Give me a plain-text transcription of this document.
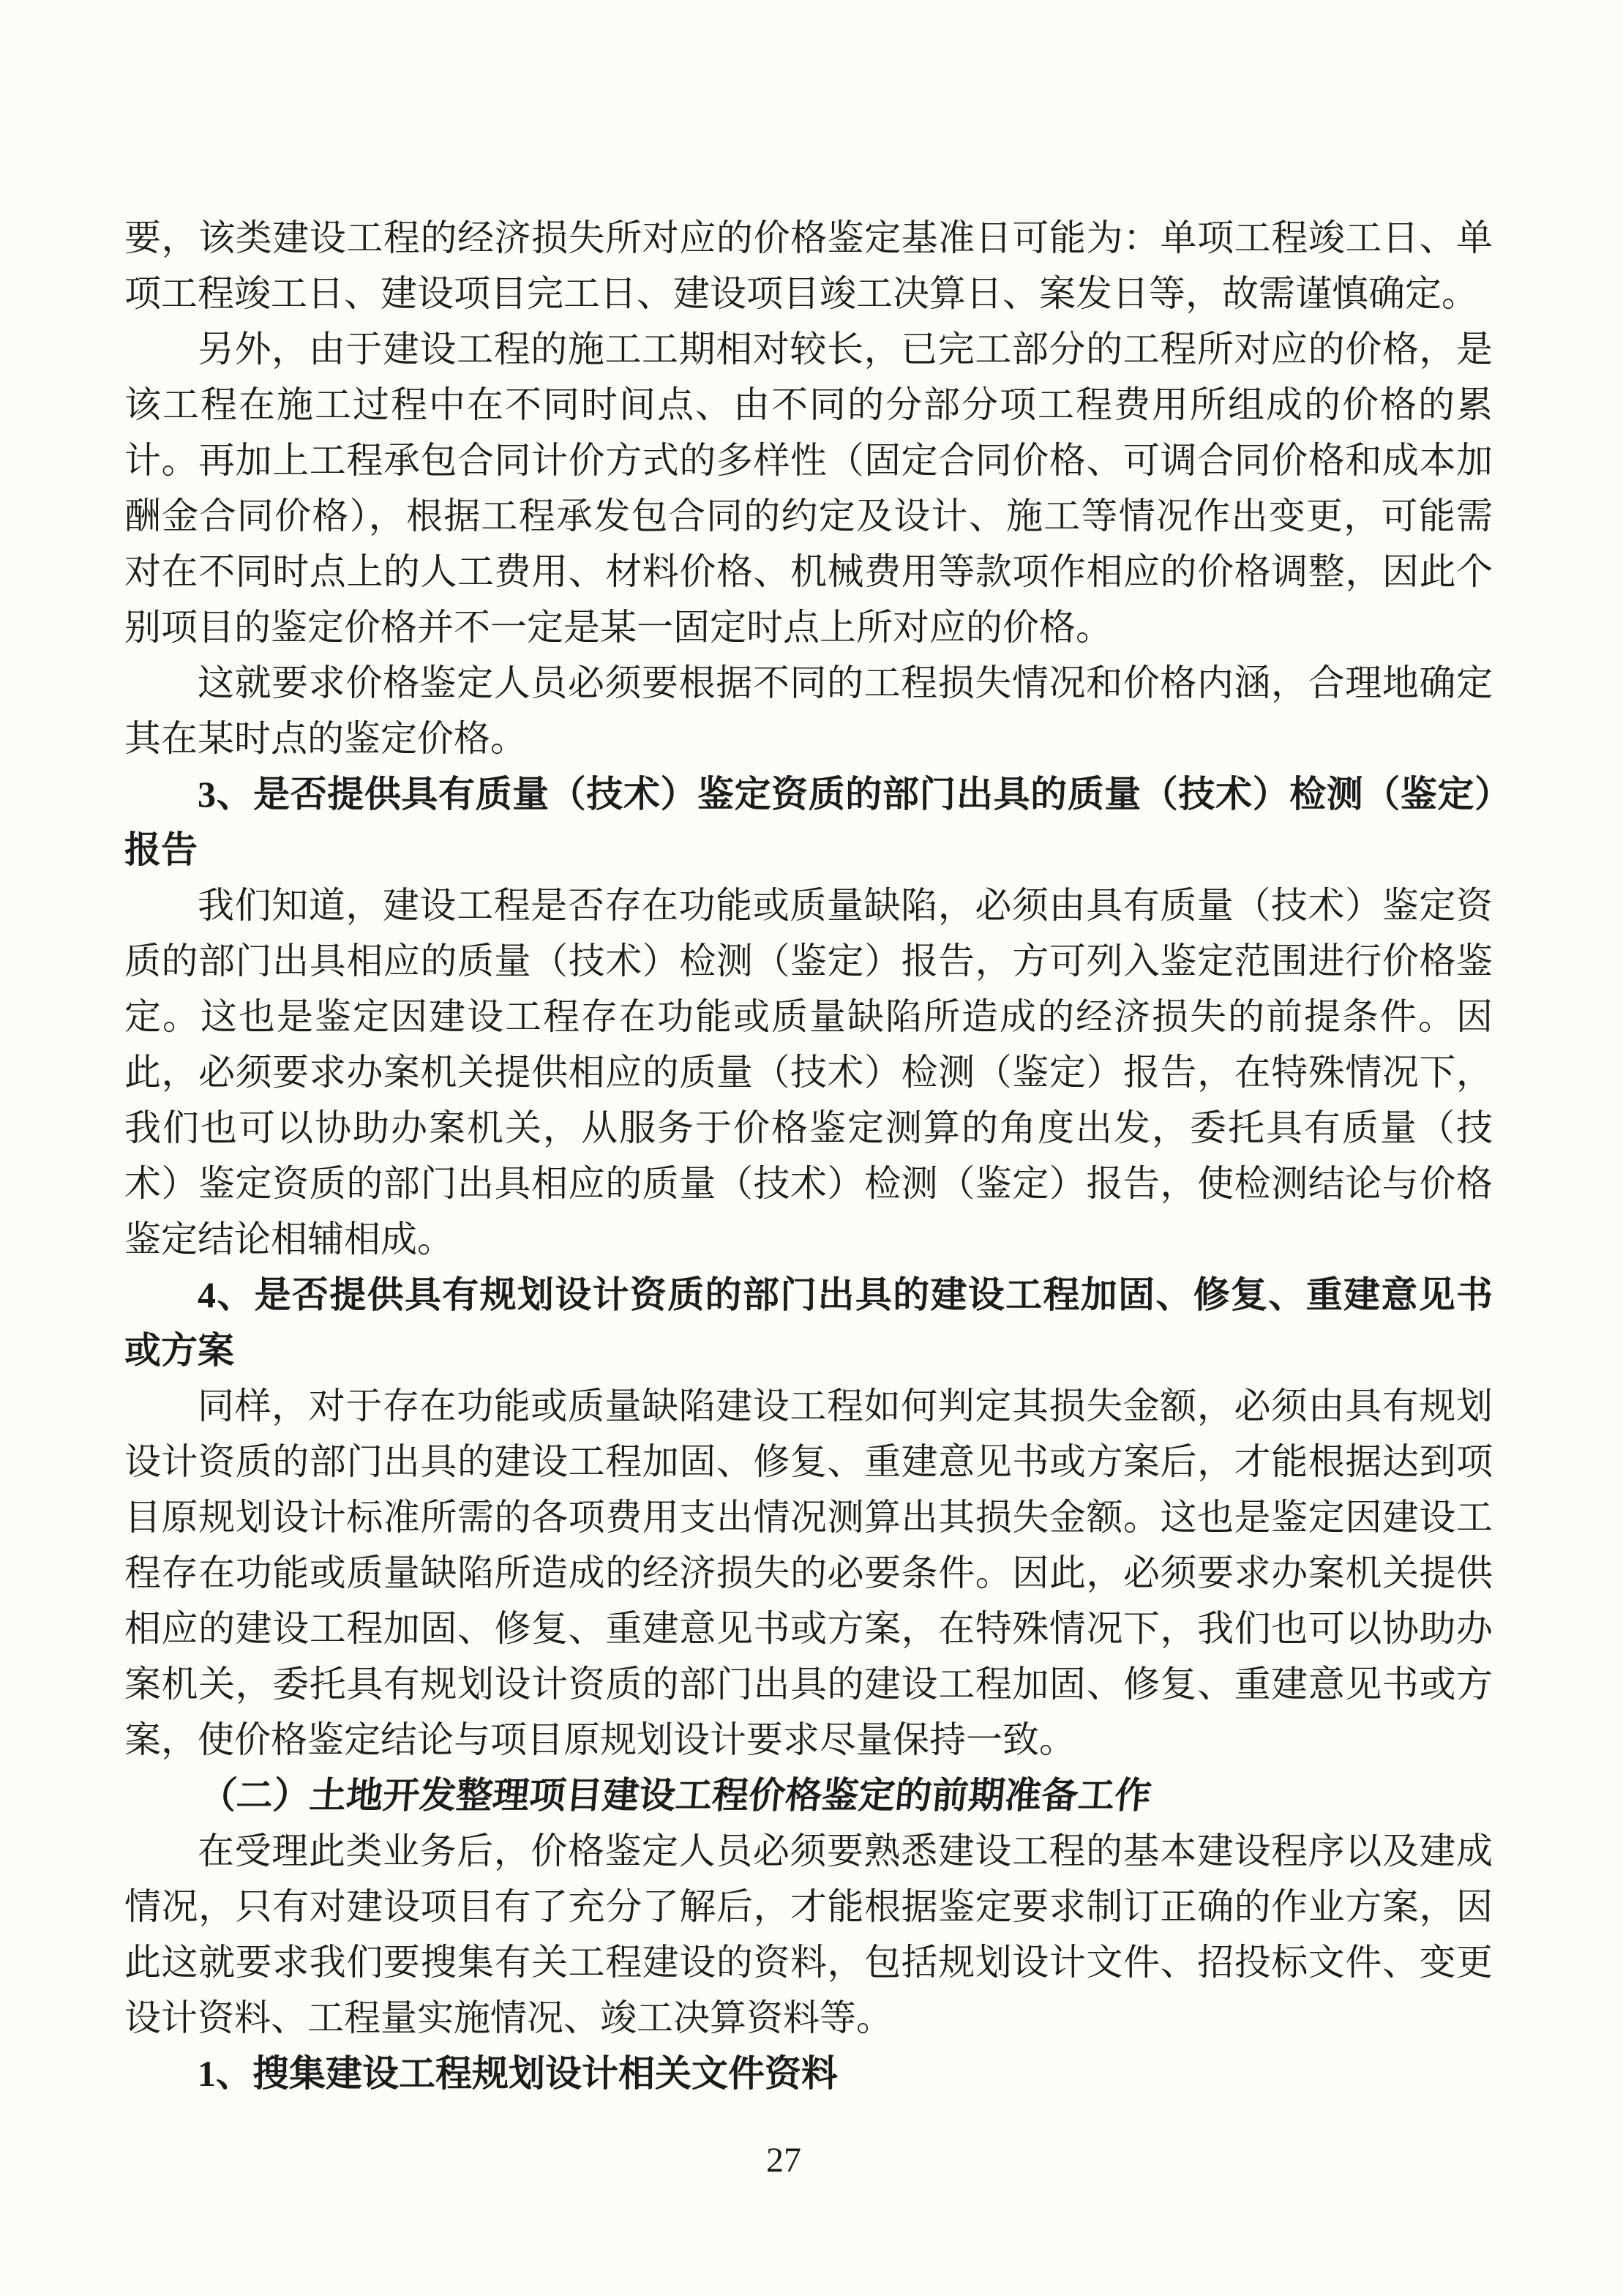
要，该类建设工程的经济损失所对应的价格鉴定基准日可能为：单项工程竣工日、单项工程竣工日、建设项目完工日、建设项目竣工决算日、案发日等，故需谨慎确定。

另外，由于建设工程的施工工期相对较长，已完工部分的工程所对应的价格，是该工程在施工过程中在不同时间点、由不同的分部分项工程费用所组成的价格的累计。再加上工程承包合同计价方式的多样性（固定合同价格、可调合同价格和成本加酬金合同价格），根据工程承发包合同的约定及设计、施工等情况作出变更，可能需对在不同时点上的人工费用、材料价格、机械费用等款项作相应的价格调整，因此个别项目的鉴定价格并不一定是某一固定时点上所对应的价格。

这就要求价格鉴定人员必须要根据不同的工程损失情况和价格内涵，合理地确定其在某时点的鉴定价格。

3、是否提供具有质量（技术）鉴定资质的部门出具的质量（技术）检测（鉴定）报告

我们知道，建设工程是否存在功能或质量缺陷，必须由具有质量（技术）鉴定资质的部门出具相应的质量（技术）检测（鉴定）报告，方可列入鉴定范围进行价格鉴定。这也是鉴定因建设工程存在功能或质量缺陷所造成的经济损失的前提条件。因此，必须要求办案机关提供相应的质量（技术）检测（鉴定）报告，在特殊情况下，我们也可以协助办案机关，从服务于价格鉴定测算的角度出发，委托具有质量（技术）鉴定资质的部门出具相应的质量（技术）检测（鉴定）报告，使检测结论与价格鉴定结论相辅相成。

4、是否提供具有规划设计资质的部门出具的建设工程加固、修复、重建意见书或方案

同样，对于存在功能或质量缺陷建设工程如何判定其损失金额，必须由具有规划设计资质的部门出具的建设工程加固、修复、重建意见书或方案后，才能根据达到项目原规划设计标准所需的各项费用支出情况测算出其损失金额。这也是鉴定因建设工程存在功能或质量缺陷所造成的经济损失的必要条件。因此，必须要求办案机关提供相应的建设工程加固、修复、重建意见书或方案，在特殊情况下，我们也可以协助办案机关，委托具有规划设计资质的部门出具的建设工程加固、修复、重建意见书或方案，使价格鉴定结论与项目原规划设计要求尽量保持一致。

（二）土地开发整理项目建设工程价格鉴定的前期准备工作

在受理此类业务后，价格鉴定人员必须要熟悉建设工程的基本建设程序以及建成情况，只有对建设项目有了充分了解后，才能根据鉴定要求制订正确的作业方案，因此这就要求我们要搜集有关工程建设的资料，包括规划设计文件、招投标文件、变更设计资料、工程量实施情况、竣工决算资料等。

1、搜集建设工程规划设计相关文件资料

27
